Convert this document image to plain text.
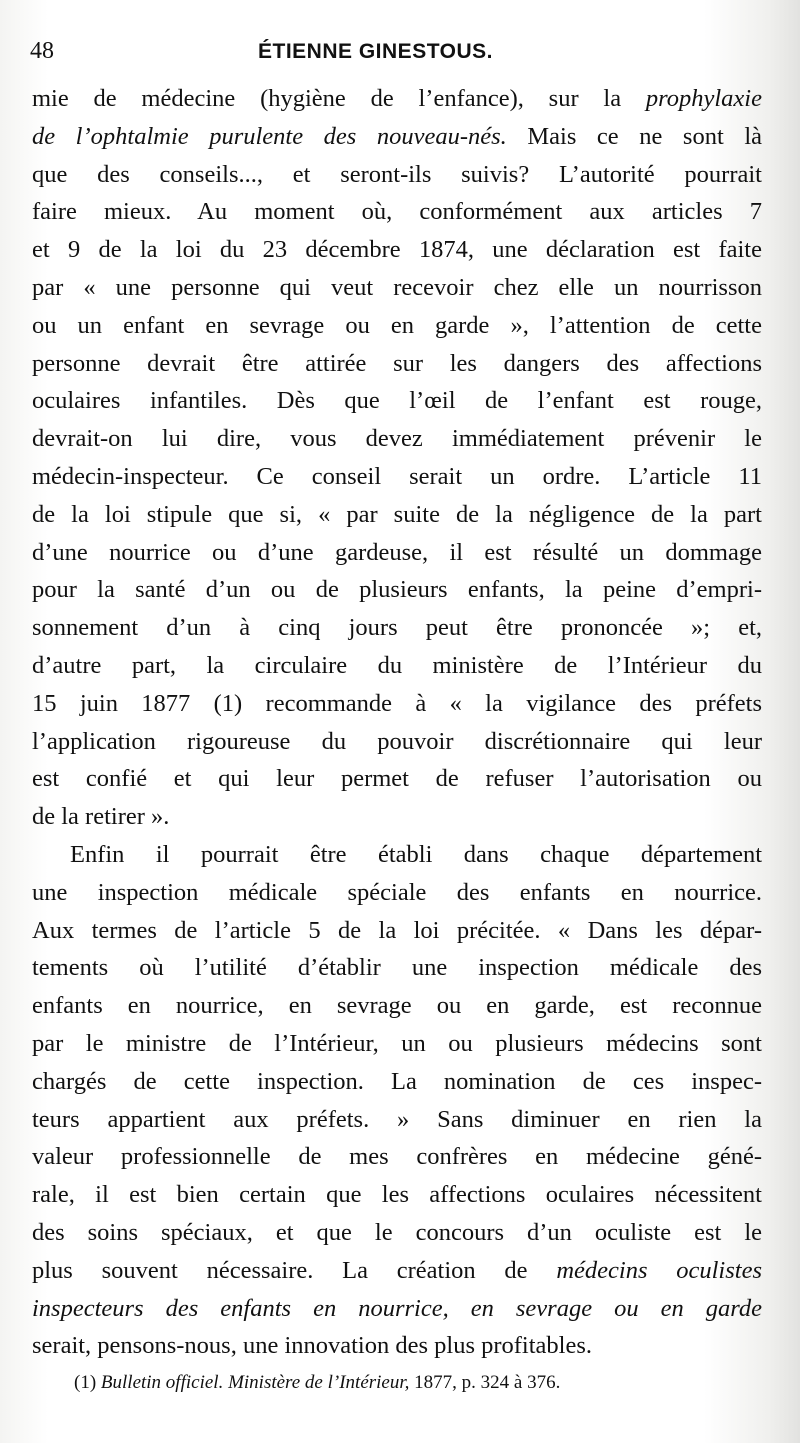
48	ÉTIENNE GINESTOUS.
mie de médecine (hygiène de l’enfance), sur la prophylaxie
de l’ophtalmie purulente des nouveau-nés. Mais ce ne sont là
que des conseils..., et seront-ils suivis? L’autorité pourrait
faire mieux. Au moment où, conformément aux articles 7
et 9 de la loi du 23 décembre 1874, une déclaration est faite
par « une personne qui veut recevoir chez elle un nourrisson
ou un enfant en sevrage ou en garde », l’attention de cette
personne devrait être attirée sur les dangers des affections
oculaires infantiles. Dès que l’œil de l’enfant est rouge,
devrait-on lui dire, vous devez immédiatement prévenir le
médecin-inspecteur. Ce conseil serait un ordre. L’article 11
de la loi stipule que si, « par suite de la négligence de la part
d’une nourrice ou d’une gardeuse, il est résulté un dommage
pour la santé d’un ou de plusieurs enfants, la peine d’empri-
sonnement d’un à cinq jours peut être prononcée »; et,
d’autre part, la circulaire du ministère de l’Intérieur du
15 juin 1877 (1) recommande à « la vigilance des préfets
l’application rigoureuse du pouvoir discrétionnaire qui leur
est confié et qui leur permet de refuser l’autorisation ou
de la retirer ».
Enfin il pourrait être établi dans chaque département
une inspection médicale spéciale des enfants en nourrice.
Aux termes de l’article 5 de la loi précitée. « Dans les dépar-
tements où l’utilité d’établir une inspection médicale des
enfants en nourrice, en sevrage ou en garde, est reconnue
par le ministre de l’Intérieur, un ou plusieurs médecins sont
chargés de cette inspection. La nomination de ces inspec-
teurs appartient aux préfets. » Sans diminuer en rien la
valeur professionnelle de mes confrères en médecine géné-
rale, il est bien certain que les affections oculaires nécessitent
des soins spéciaux, et que le concours d’un oculiste est le
plus souvent nécessaire. La création de médecins oculistes
inspecteurs des enfants en nourrice, en sevrage ou en garde
serait, pensons-nous, une innovation des plus profitables.
(1) Bulletin officiel. Ministère de l’Intérieur, 1877, p. 324 à 376.
